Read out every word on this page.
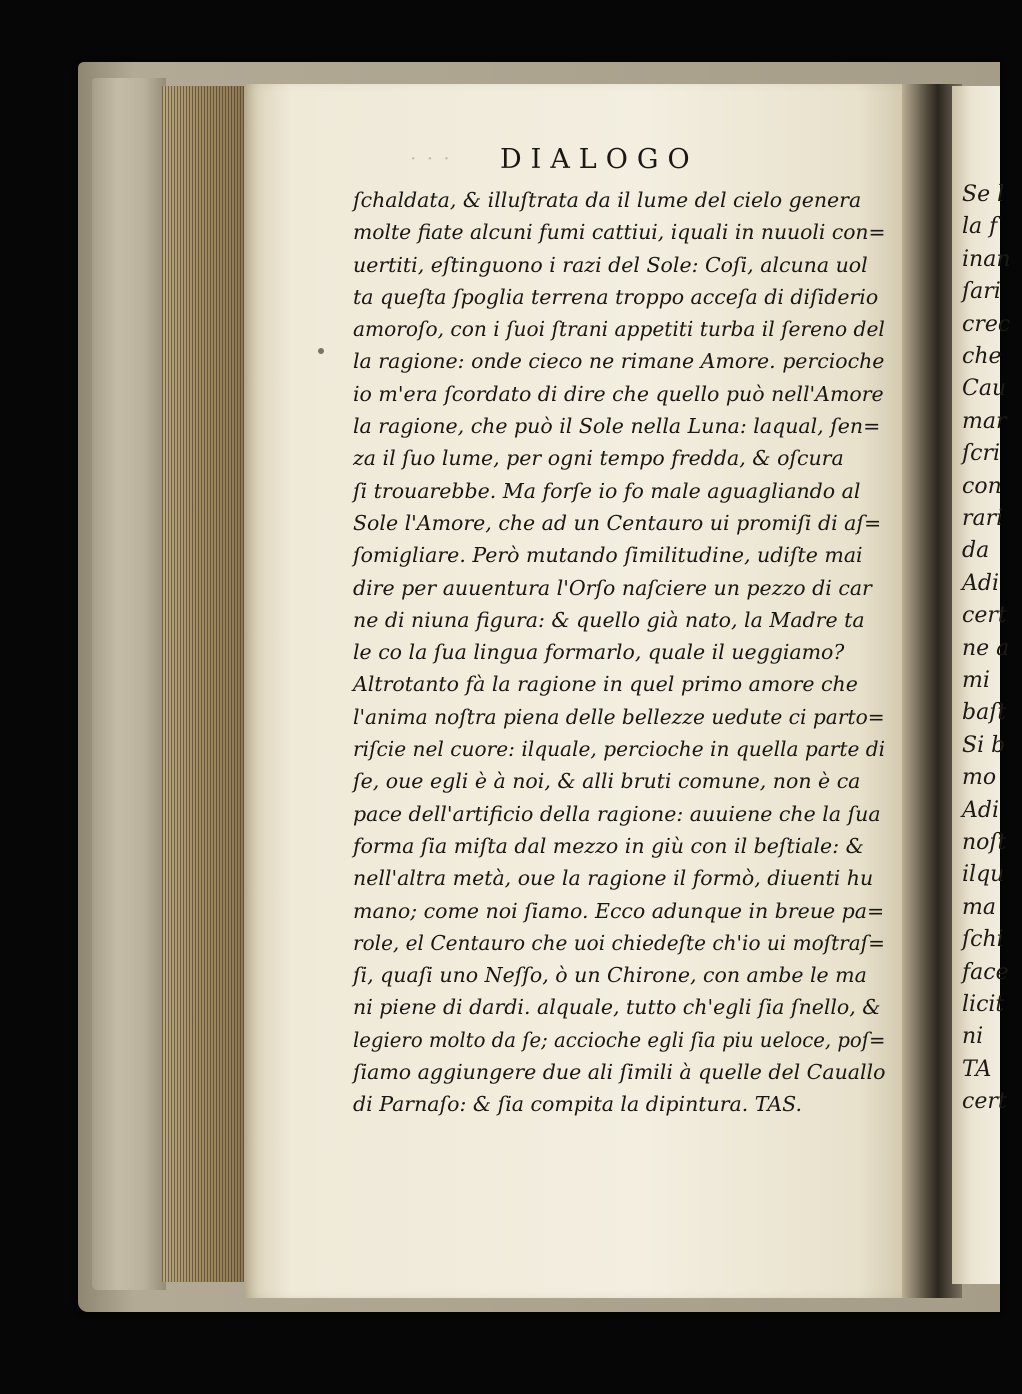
Se l
la f
inan
ſari
crec
che
Cau
mar
ſcri
con
rari
da
Adi
cert
ne a
mi
baſt
Si b
mo
Adi
noſt
ilqu
ma
ſchi
face
licit
ni
TA
cert
· · · DIALOGO
ſchaldata, & illuſtrata da il lume del cielo genera
molte fiate alcuni fumi cattiui, iquali in nuuoli con=
uertiti, eſtinguono i razi del Sole: Coſi, alcuna uol
ta queſta ſpoglia terrena troppo acceſa di diſiderio
amoroſo, con i ſuoi ſtrani appetiti turba il ſereno del
la ragione: onde cieco ne rimane Amore. percioche
io m'era ſcordato di dire che quello può nell'Amore
la ragione, che può il Sole nella Luna: laqual, ſen=
za il ſuo lume, per ogni tempo fredda, & oſcura
ſi trouarebbe. Ma forſe io fo male aguagliando al
Sole l'Amore, che ad un Centauro ui promiſi di aſ=
ſomigliare. Però mutando ſimilitudine, udiſte mai
dire per auuentura l'Orſo naſciere un pezzo di car
ne di niuna figura: & quello già nato, la Madre ta
le co la ſua lingua formarlo, quale il ueggiamo?
Altrotanto fà la ragione in quel primo amore che
l'anima noſtra piena delle bellezze uedute ci parto=
riſcie nel cuore: ilquale, percioche in quella parte di
ſe, oue egli è à noi, & alli bruti comune, non è ca
pace dell'artificio della ragione: auuiene che la ſua
forma ſia miſta dal mezzo in giù con il beſtiale: &
nell'altra metà, oue la ragione il formò, diuenti hu
mano; come noi ſiamo. Ecco adunque in breue pa=
role, el Centauro che uoi chiedeſte ch'io ui moſtraſ=
ſi, quaſi uno Neſſo, ò un Chirone, con ambe le ma
ni piene di dardi. alquale, tutto ch'egli ſia ſnello, &
legiero molto da ſe; accioche egli ſia piu ueloce, poſ=
ſiamo aggiungere due ali ſimili à quelle del Cauallo
di Parnaſo: & ſia compita la dipintura. TAS.
